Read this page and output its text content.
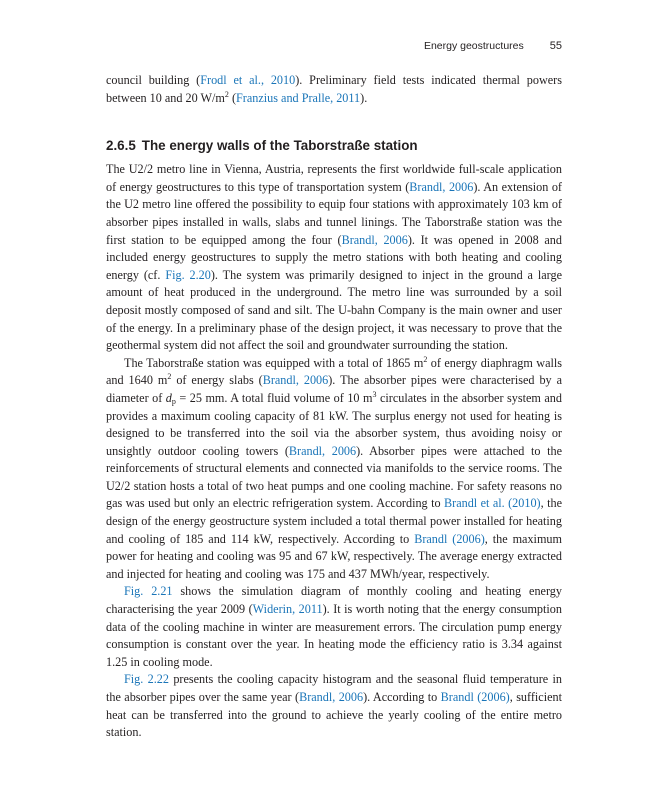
Energy geostructures 55

council building (Frodl et al., 2010). Preliminary field tests indicated thermal powers between 10 and 20 $W/m^2$ (Franzius and Pralle, 2011).

2.6.5 The energy walls of the Taborstraße station

The U2/2 metro line in Vienna, Austria, represents the first worldwide full-scale application of energy geostructures to this type of transportation system (Brandl, 2006). An extension of the U2 metro line offered the possibility to equip four stations with approximately 103 km of absorber pipes installed in walls, slabs and tunnel linings. The Taborstraße station was the first station to be equipped among the four (Brandl, 2006). It was opened in 2008 and included energy geostructures to supply the metro stations with both heating and cooling energy (cf. Fig. 2.20). The system was primarily designed to inject in the ground a large amount of heat produced in the underground. The metro line was surrounded by a soil deposit mostly composed of sand and silt. The U-bahn Company is the main owner and user of the energy. In a preliminary phase of the design project, it was necessary to prove that the geothermal system did not affect the soil and groundwater surrounding the station.

The Taborstraße station was equipped with a total of 1865 $m^2$ of energy diaphragm walls and 1640 $m^2$ of energy slabs (Brandl, 2006). The absorber pipes were characterised by a diameter of $d_p = 25$ mm. A total fluid volume of 10 $m^3$ circulates in the absorber system and provides a maximum cooling capacity of 81 kW. The surplus energy not used for heating is designed to be transferred into the soil via the absorber system, thus avoiding noisy or unsightly outdoor cooling towers (Brandl, 2006). Absorber pipes were attached to the reinforcements of structural elements and connected via manifolds to the service rooms. The U2/2 station hosts a total of two heat pumps and one cooling machine. For safety reasons no gas was used but only an electric refrigeration system. According to Brandl et al. (2010), the design of the energy geostructure system included a total thermal power installed for heating and cooling of 185 and 114 kW, respectively. According to Brandl (2006), the maximum power for heating and cooling was 95 and 67 kW, respectively. The average energy extracted and injected for heating and cooling was 175 and 437 MWh/year, respectively.

Fig. 2.21 shows the simulation diagram of monthly cooling and heating energy characterising the year 2009 (Widerin, 2011). It is worth noting that the energy consumption data of the cooling machine in winter are measurement errors. The circulation pump energy consumption is constant over the year. In heating mode the efficiency ratio is 3.34 against 1.25 in cooling mode.

Fig. 2.22 presents the cooling capacity histogram and the seasonal fluid temperature in the absorber pipes over the same year (Brandl, 2006). According to Brandl (2006), sufficient heat can be transferred into the ground to achieve the yearly cooling of the entire metro station.
